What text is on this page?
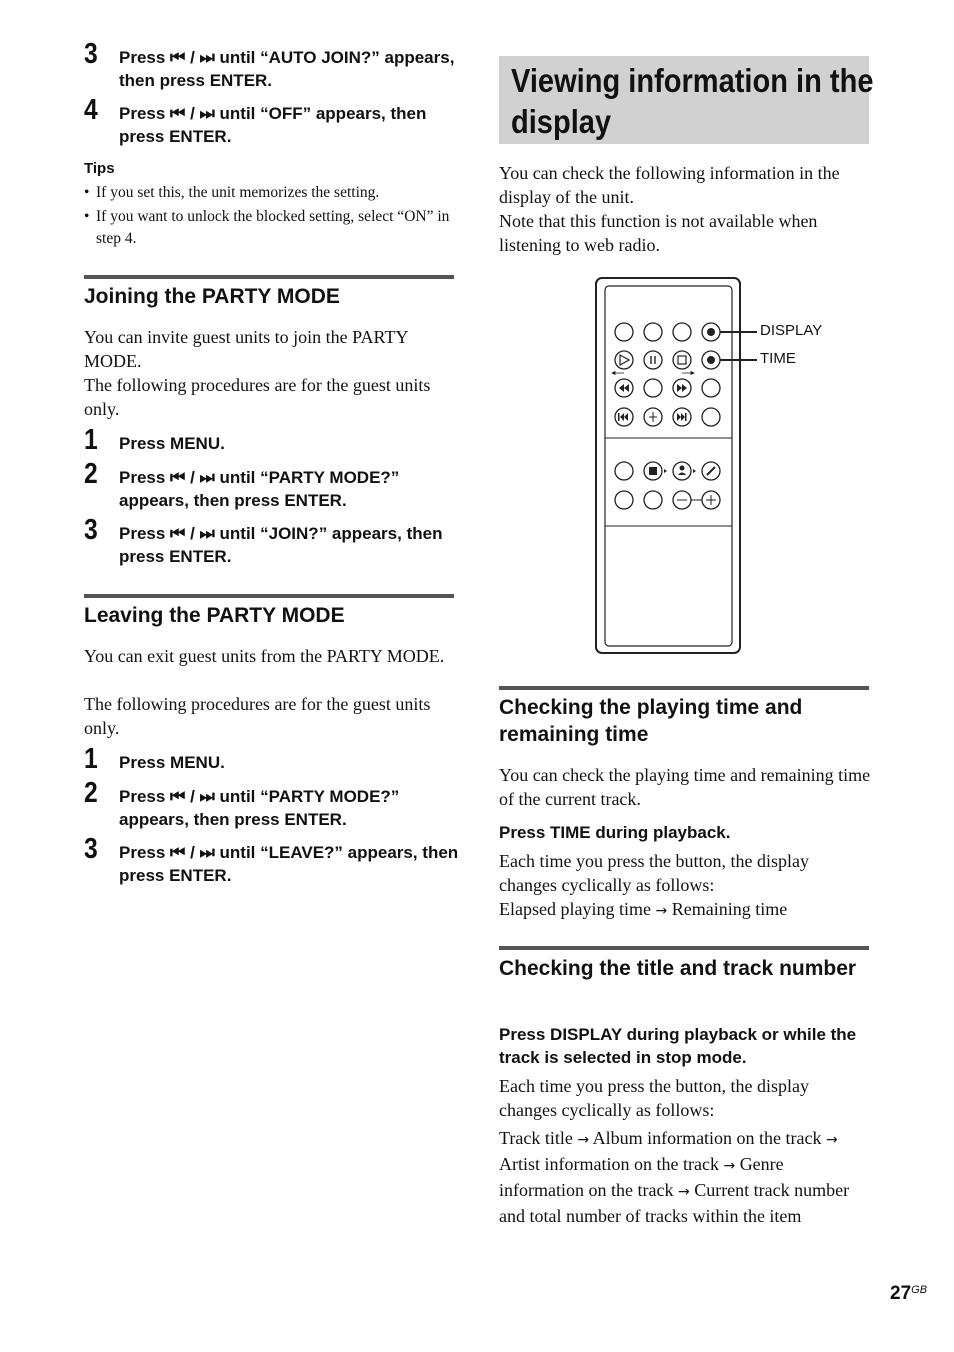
3 Press ⏮ / ⏭ until “AUTO JOIN?” appears, then press ENTER.
4 Press ⏮ / ⏭ until “OFF” appears, then press ENTER.
Tips
• If you set this, the unit memorizes the setting.
• If you want to unlock the blocked setting, select “ON” in step 4.
Joining the PARTY MODE
You can invite guest units to join the PARTY MODE.
The following procedures are for the guest units only.
1 Press MENU.
2 Press ⏮ / ⏭ until “PARTY MODE?” appears, then press ENTER.
3 Press ⏮ / ⏭ until “JOIN?” appears, then press ENTER.
Leaving the PARTY MODE
You can exit guest units from the PARTY MODE.
The following procedures are for the guest units only.
1 Press MENU.
2 Press ⏮ / ⏭ until “PARTY MODE?” appears, then press ENTER.
3 Press ⏮ / ⏭ until “LEAVE?” appears, then press ENTER.
Viewing information in the
display
You can check the following information in the display of the unit.
Note that this function is not available when listening to web radio.
Checking the playing time and remaining time
You can check the playing time and remaining time of the current track.
Press TIME during playback.
Each time you press the button, the display changes cyclically as follows:
Elapsed playing time → Remaining time
Checking the title and track number
Press DISPLAY during playback or while the track is selected in stop mode.
Each time you press the button, the display changes cyclically as follows:
Track title → Album information on the track → Artist information on the track → Genre information on the track → Current track number and total number of tracks within the item
DISPLAY
TIME
$27^{GB}$
